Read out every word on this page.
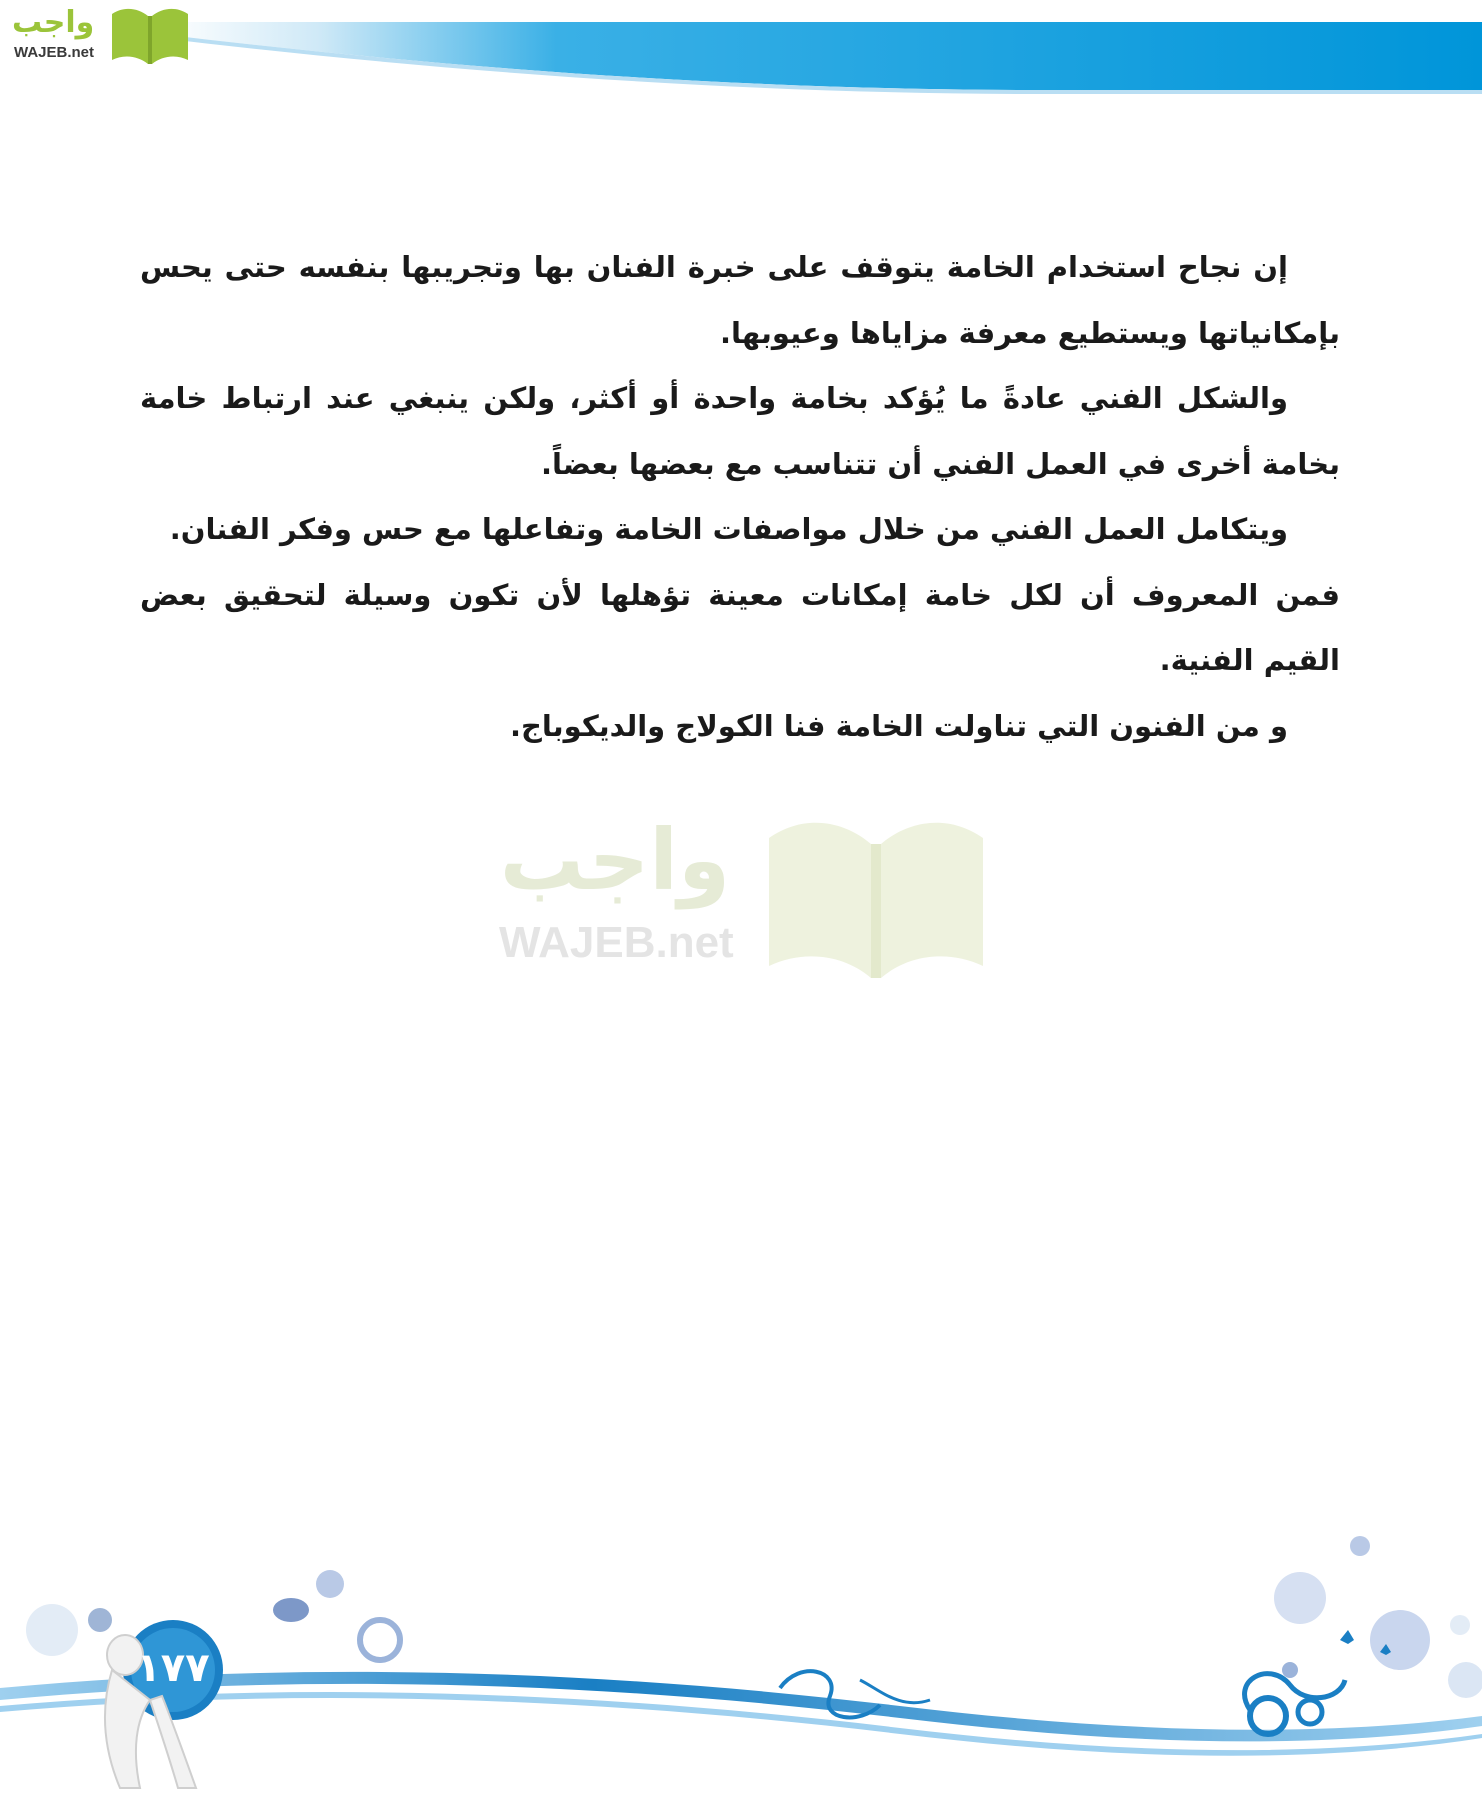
واجب
WAJEB.net

إن نجاح استخدام الخامة يتوقف على خبرة الفنان بها وتجريبها بنفسه حتى يحس بإمكانياتها ويستطيع معرفة مزاياها وعيوبها.

والشكل الفني عادةً ما يُؤكد بخامة واحدة أو أكثر، ولكن ينبغي عند ارتباط خامة بخامة أخرى في العمل الفني أن تتناسب مع بعضها بعضاً.

ويتكامل العمل الفني من خلال مواصفات الخامة وتفاعلها مع حس وفكر الفنان.

فمن المعروف أن لكل خامة إمكانات معينة تؤهلها لأن تكون وسيلة لتحقيق بعض القيم الفنية.

و من الفنون التي تناولت الخامة فنا الكولاج والديكوباج.

واجب
WAJEB.net
١٧٧
